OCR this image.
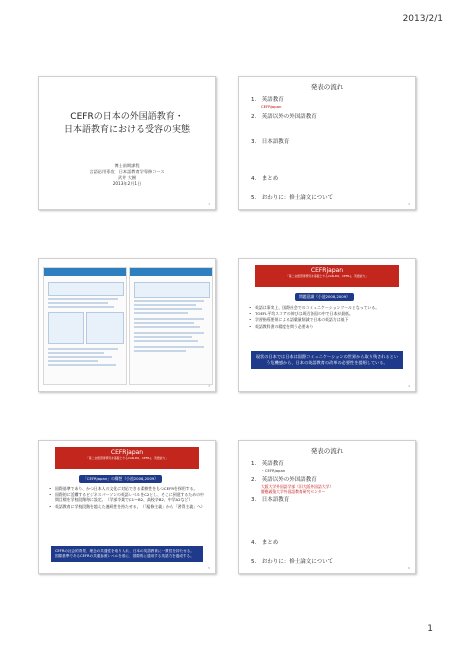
2013/2/1
CEFRの日本の外国語教育・
日本語教育における受容の実態
博士前期課程
言語応用専攻　日本語教育学専修コース
武井 大樹
2013年2月1日
1
発表の流れ
1.　英語教育
CEFRjapan
2.　英語以外の外国語教育
3.　日本語教育
4.　まとめ
5.　おわりに：修士論文について
2
3
CEFRjapan
「第二言語習得研究を基盤とするCAN-DO、CEFR-J、英語能力」
問題意識（小池2008,2009）
• 英語は事実上、国際社会でのコミュニケーションツールとなっている。
• TOEFL平均スコアの伸びは周辺各国の中で日本が最低。
• 学習指導要領による語彙量削減で日本の英語力は低下
• 英語教科書の精度を問う必要あり
現状の日本では日本は国際コミュニケーションの世界から取り残されるという危機感から、日本の英語教育の改革の必要性を提唱している。
4
CEFRjapan
「第二言語習得研究を基盤とするCAN-DO、CEFR-J、英語能力」
「CEFRjapan」の構想（小池2008,2009）
• 国際基準であり、かつ日本人の文化に対応できる柔軟性をもつCEFRを採用する。
• 国際的に活躍するビジネスパーソンの英語レベルをC2とし、そこに到達するための中間目標を学校段階毎に設定。（学部卒業でC1～B2、高校卒B2、中学A2など）
• 英語教育に学校段階を越えた連続性を持たせる。（「履修主義」から「習得主義」へ）
CEFRの社会的背景、理念の共通性を取り入れ、日本の英語教育に一貫性を持たせる。
国際基準であるCEFRの共通参照レベルを基に、国際的に通用する英語力を養成する。
5
発表の流れ
1.　英語教育
・CEFRjapan
2.　英語以外の外国語教育
大阪大学外国語学部（旧大阪外国語大学）
慶應義塾大学外国語教育研究センター
3.　日本語教育
4.　まとめ
5.　おわりに：修士論文について
6
1
